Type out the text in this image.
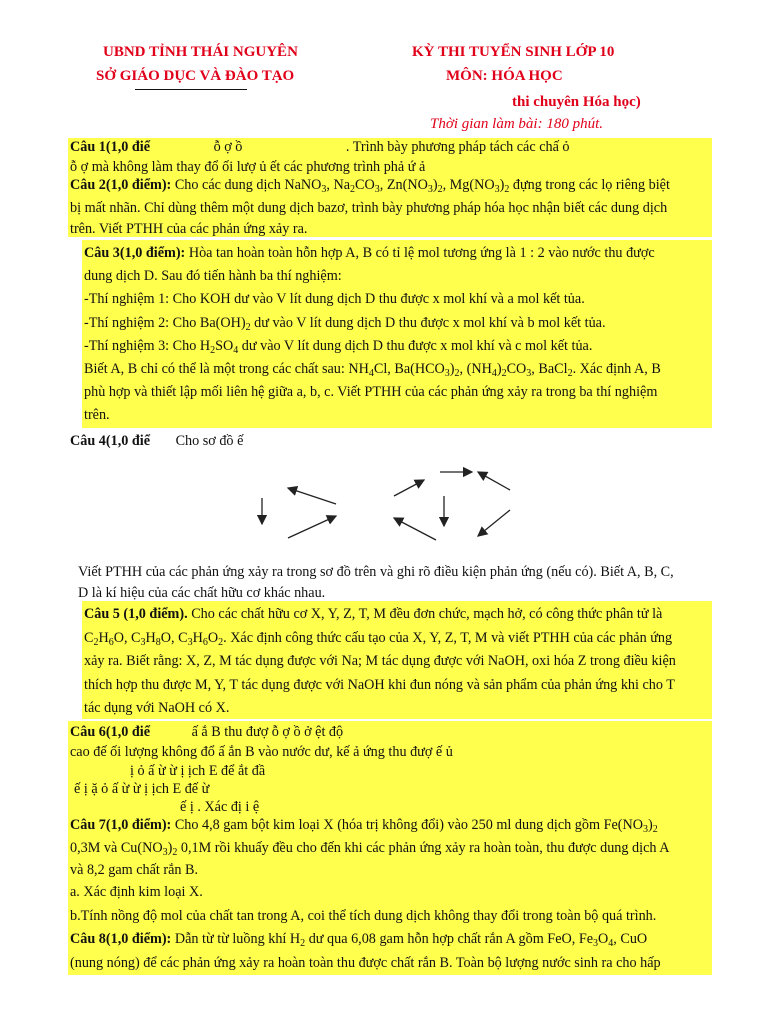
UBND TỈNH THÁI NGUYÊN
SỞ GIÁO DỤC VÀ ĐÀO TẠO
KỲ THI TUYỂN SINH LỚP 10
MÔN: HÓA HỌC
thi chuyên Hóa học)
Thời gian làm bài: 180 phút.
Câu 1(1,0 điể	ỗ ợ ồ	. Trình bày phương pháp tách các chấ ỏ
ỗ ợ mà không làm thay đổ ối lượ ủ ết các phương trình phả ứ ả
Câu 2(1,0 điểm): Cho các dung dịch NaNO$_3$, $Na_2CO_3$, $Zn(NO_3)_2$, $Mg(NO_3)_2$ đựng trong các lọ riêng biệt
bị mất nhãn. Chỉ dùng thêm một dung dịch bazơ, trình bày phương pháp hóa học nhận biết các dung dịch
trên. Viết PTHH của các phản ứng xảy ra.
Câu 3(1,0 điểm): Hòa tan hoàn toàn hỗn hợp A, B có tỉ lệ mol tương ứng là 1 : 2 vào nước thu được
dung dịch D. Sau đó tiến hành ba thí nghiệm:
-Thí nghiệm 1: Cho KOH dư vào V lít dung dịch D thu được x mol khí và a mol kết tủa.
-Thí nghiệm 2: Cho $Ba(OH)_2$ dư vào V lít dung dịch D thu được x mol khí và b mol kết tủa.
-Thí nghiệm 3: Cho $H_2SO_4$ dư vào V lít dung dịch D thu được x mol khí và c mol kết tủa.
Biết A, B chỉ có thể là một trong các chất sau: $NH_4Cl$, $Ba(HCO_3)_2$, $(NH_4)_2CO_3$, BaCl$_2$. Xác định A, B
phù hợp và thiết lập mối liên hệ giữa a, b, c. Viết PTHH của các phản ứng xảy ra trong ba thí nghiệm
trên.
Câu 4(1,0 điể Cho sơ đồ ế
Viết PTHH của các phản ứng xảy ra trong sơ đồ trên và ghi rõ điều kiện phản ứng (nếu có). Biết A, B, C,
D là kí hiệu của các chất hữu cơ khác nhau.
Câu 5 (1,0 điểm). Cho các chất hữu cơ X, Y, Z, T, M đều đơn chức, mạch hở, có công thức phân tử là
$C_2H_6O$, $C_3H_8O$, $C_3H_6O_2$. Xác định công thức cấu tạo của X, Y, Z, T, M và viết PTHH của các phản ứng
xảy ra. Biết rằng: X, Z, M tác dụng được với Na; M tác dụng được với NaOH, oxi hóa Z trong điều kiện
thích hợp thu được M, Y, T tác dụng được với NaOH khi đun nóng và sản phẩm của phản ứng khi cho T
tác dụng với NaOH có X.
Câu 6(1,0 điể	ấ ắ B thu đượ ỗ ợ ồ ở ệt độ
cao đế ối lượng không đổ ấ ắn B vào nước dư, kế ả ứng thu đượ ế ủ
ị ỏ ấ ừ ừ ị ịch E để ắt đầ
ế ị ặ ỏ ấ ừ ừ ị ịch E đế ừ
ế ị . Xác đị i ệ
Câu 7(1,0 điểm): Cho 4,8 gam bột kim loại X (hóa trị không đổi) vào 250 ml dung dịch gồm $Fe(NO_3)_2$
0,3M và $Cu(NO_3)_2$ 0,1M rồi khuấy đều cho đến khi các phản ứng xảy ra hoàn toàn, thu được dung dịch A
và 8,2 gam chất rắn B.
a. Xác định kim loại X.
b.Tính nồng độ mol của chất tan trong A, coi thể tích dung dịch không thay đổi trong toàn bộ quá trình.
Câu 8(1,0 điểm): Dẫn từ từ luồng khí $H_2$ dư qua 6,08 gam hỗn hợp chất rắn A gồm FeO, $Fe_3O_4$, CuO
(nung nóng) để các phản ứng xảy ra hoàn toàn thu được chất rắn B. Toàn bộ lượng nước sinh ra cho hấp
